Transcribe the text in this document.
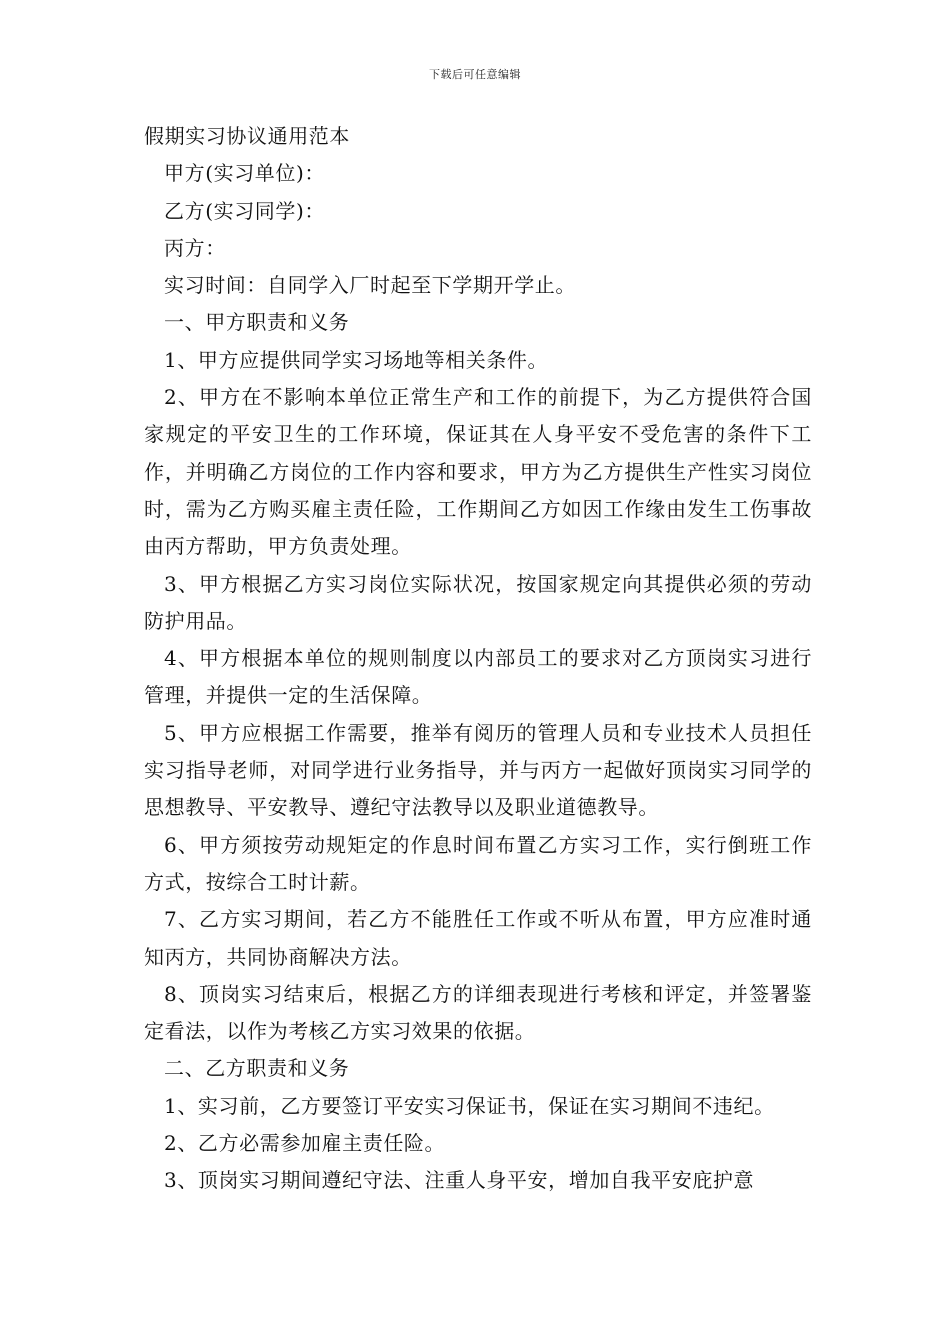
下载后可任意编辑

假期实习协议通用范本

甲方(实习单位)：

乙方(实习同学)：

丙方：

实习时间：自同学入厂时起至下学期开学止。

一、甲方职责和义务

1、甲方应提供同学实习场地等相关条件。

2、甲方在不影响本单位正常生产和工作的前提下，为乙方提供符合国家规定的平安卫生的工作环境，保证其在人身平安不受危害的条件下工作，并明确乙方岗位的工作内容和要求，甲方为乙方提供生产性实习岗位时，需为乙方购买雇主责任险，工作期间乙方如因工作缘由发生工伤事故由丙方帮助，甲方负责处理。

3、甲方根据乙方实习岗位实际状况，按国家规定向其提供必须的劳动防护用品。

4、甲方根据本单位的规则制度以内部员工的要求对乙方顶岗实习进行管理，并提供一定的生活保障。

5、甲方应根据工作需要，推举有阅历的管理人员和专业技术人员担任实习指导老师，对同学进行业务指导，并与丙方一起做好顶岗实习同学的思想教导、平安教导、遵纪守法教导以及职业道德教导。

6、甲方须按劳动规矩定的作息时间布置乙方实习工作，实行倒班工作方式，按综合工时计薪。

7、乙方实习期间，若乙方不能胜任工作或不听从布置，甲方应准时通知丙方，共同协商解决方法。

8、顶岗实习结束后，根据乙方的详细表现进行考核和评定，并签署鉴定看法，以作为考核乙方实习效果的依据。

二、乙方职责和义务

1、实习前，乙方要签订平安实习保证书，保证在实习期间不违纪。

2、乙方必需参加雇主责任险。

3、顶岗实习期间遵纪守法、注重人身平安，增加自我平安庇护意
